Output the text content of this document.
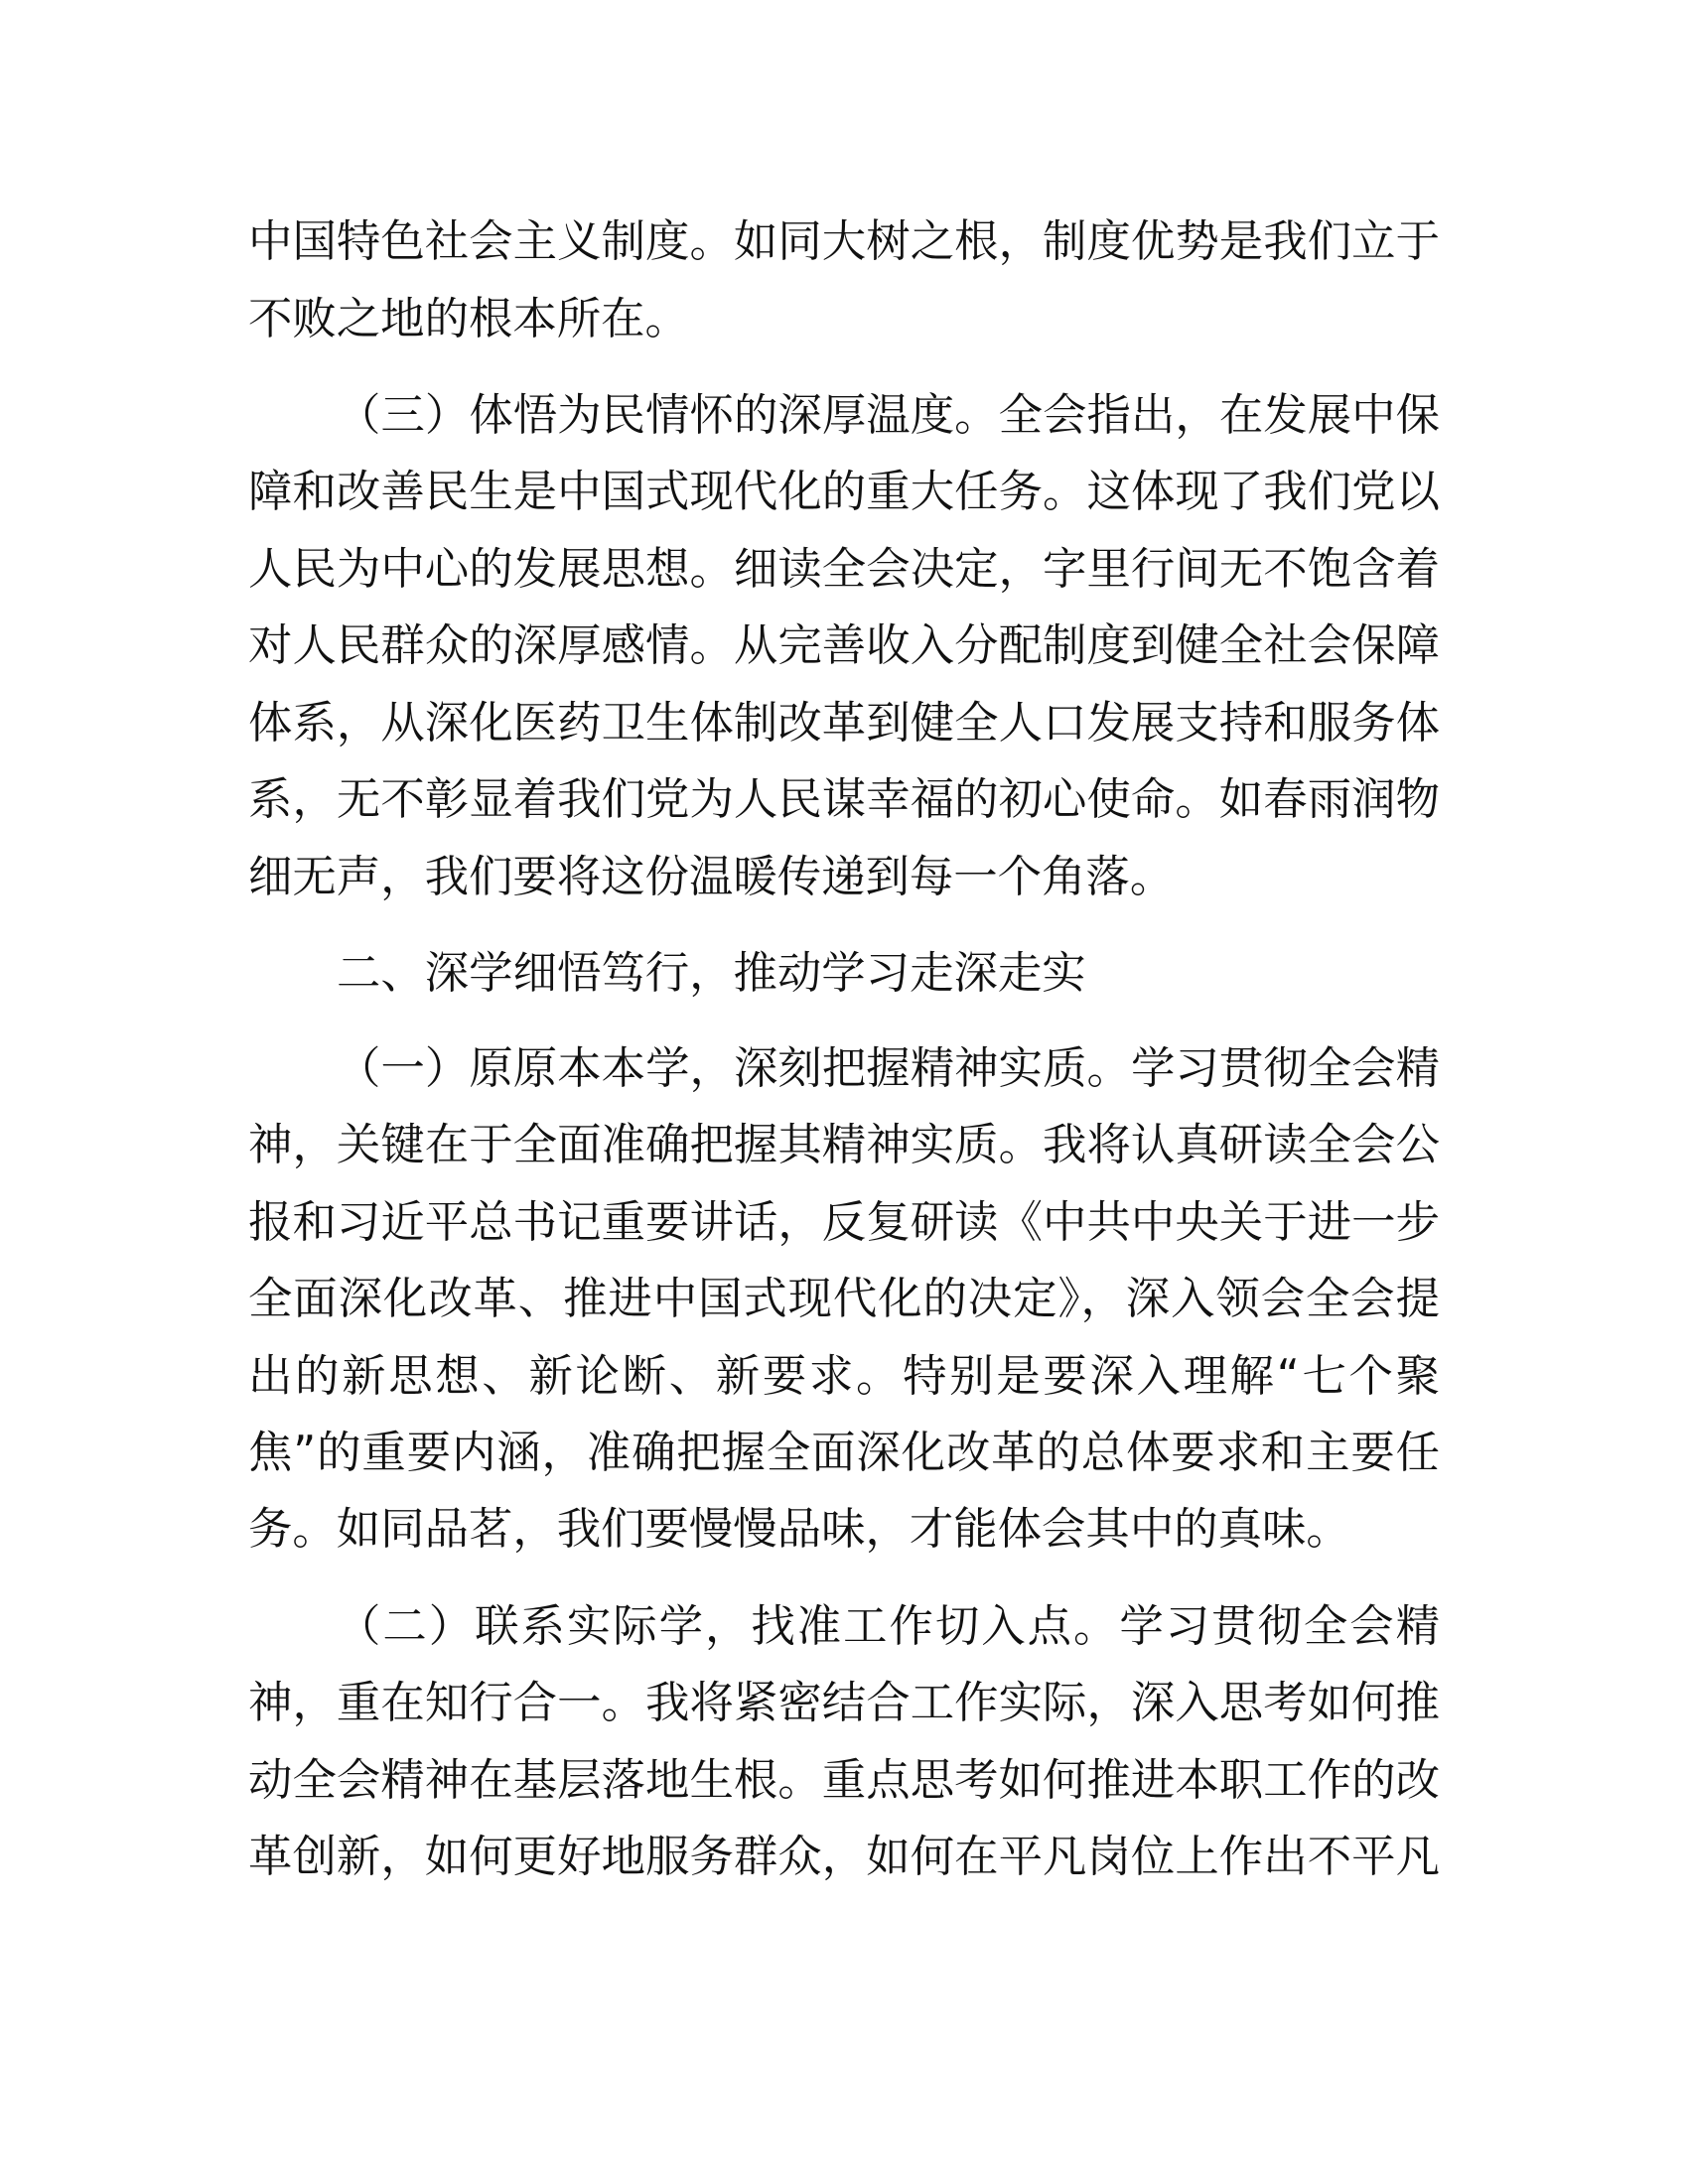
中国特色社会主义制度。如同大树之根，制度优势是我们立于
不败之地的根本所在。
（三）体悟为民情怀的深厚温度。全会指出，在发展中保
障和改善民生是中国式现代化的重大任务。这体现了我们党以
人民为中心的发展思想。细读全会决定，字里行间无不饱含着
对人民群众的深厚感情。从完善收入分配制度到健全社会保障
体系，从深化医药卫生体制改革到健全人口发展支持和服务体
系，无不彰显着我们党为人民谋幸福的初心使命。如春雨润物
细无声，我们要将这份温暖传递到每一个角落。
二、深学细悟笃行，推动学习走深走实
（一）原原本本学，深刻把握精神实质。学习贯彻全会精
神，关键在于全面准确把握其精神实质。我将认真研读全会公
报和习近平总书记重要讲话，反复研读《中共中央关于进一步
全面深化改革、推进中国式现代化的决定》，深入领会全会提
出的新思想、新论断、新要求。特别是要深入理解“七个聚
焦”的重要内涵，准确把握全面深化改革的总体要求和主要任
务。如同品茗，我们要慢慢品味，才能体会其中的真味。
（二）联系实际学，找准工作切入点。学习贯彻全会精
神，重在知行合一。我将紧密结合工作实际，深入思考如何推
动全会精神在基层落地生根。重点思考如何推进本职工作的改
革创新，如何更好地服务群众，如何在平凡岗位上作出不平凡
